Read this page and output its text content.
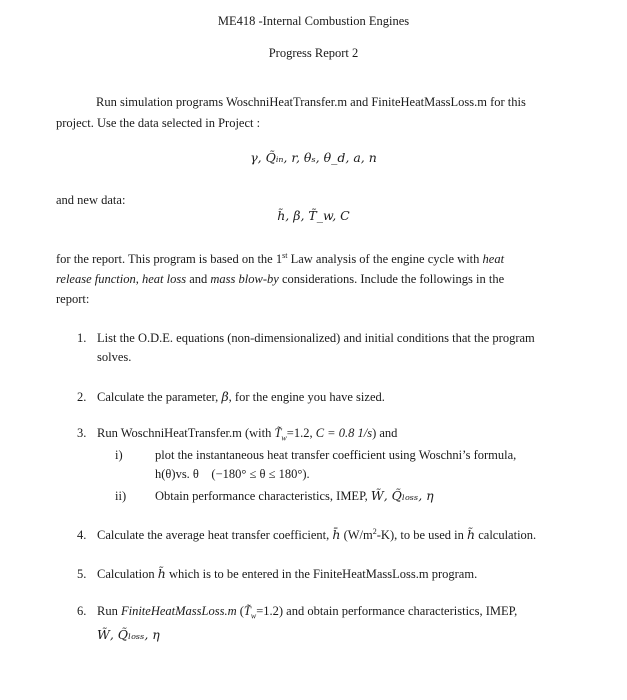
ME418 -Internal Combustion Engines
Progress Report 2
Run simulation programs WoschniHeatTransfer.m and FiniteHeatMassLoss.m for this
project. Use the data selected in Project :
γ, Q̃ᵢₙ, r, θₛ, θ_d, a, n
and new data:
h̃, β, T̃_w, C
for the report. This program is based on the 1st Law analysis of the engine cycle with heat
release function, heat loss and mass blow-by considerations. Include the followings in the
report:
1. List the O.D.E. equations (non-dimensionalized) and initial conditions that the program
solves.
2. Calculate the parameter, β, for the engine you have sized.
3. Run WoschniHeatTransfer.m (with $T̃_w=1.2$, C = 0.8 1/s) and
i)	plot the instantaneous heat transfer coefficient using Woschni’s formula,
h(θ)vs. θ (−180° ≤ θ ≤ 180°).
ii) Obtain performance characteristics, IMEP, W̃, Q̃ₗₒₛₛ, η
4. Calculate the average heat transfer coefficient, h̄ $(W/m^2-K)$, to be used in h̃ calculation.
5. Calculation h̃ which is to be entered in the FiniteHeatMassLoss.m program.
6. Run FiniteHeatMassLoss.m $(T̃_w=1.2)$ and obtain performance characteristics, IMEP,
W̃, Q̃ₗₒₛₛ, η
